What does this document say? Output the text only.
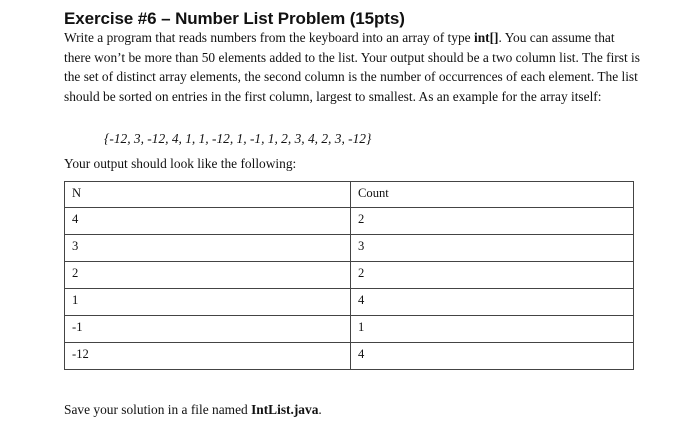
Exercise #6 – Number List Problem (15pts)
Write a program that reads numbers from the keyboard into an array of type int[]. You can assume that there won’t be more than 50 elements added to the list. Your output should be a two column list. The first is the set of distinct array elements, the second column is the number of occurrences of each element. The list should be sorted on entries in the first column, largest to smallest. As an example for the array itself:
{-12, 3, -12, 4, 1, 1, -12, 1, -1, 1, 2, 3, 4, 2, 3, -12}
Your output should look like the following:
N	Count
4	2
3	3
2	2
1	4
-1	1
-12	4
Save your solution in a file named IntList.java.
